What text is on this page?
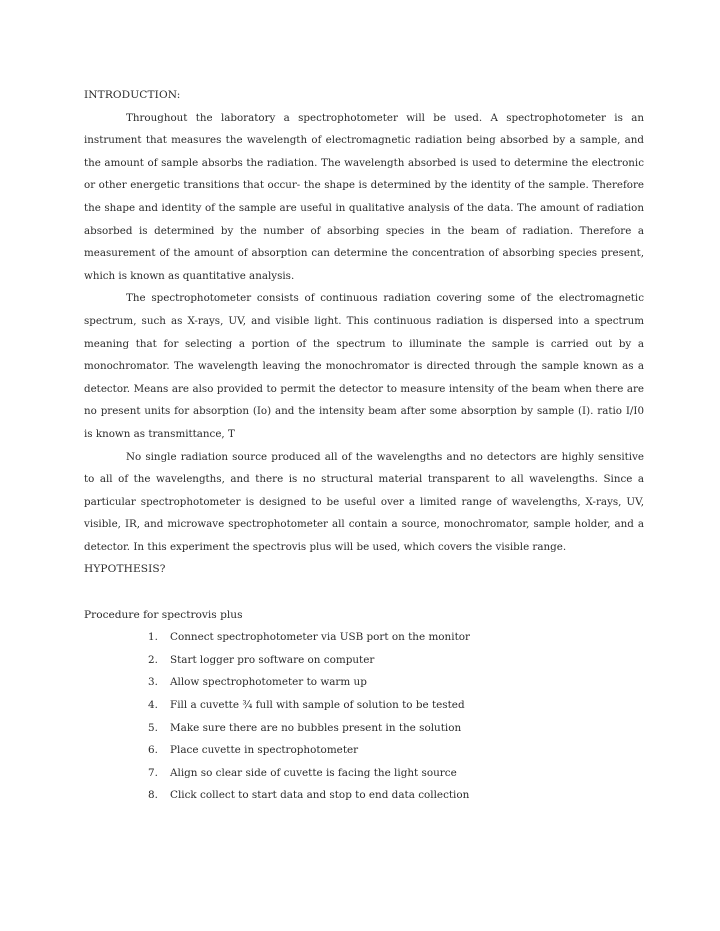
INTRODUCTION:

Throughout the laboratory a spectrophotometer will be used. A spectrophotometer is an instrument that measures the wavelength of electromagnetic radiation being absorbed by a sample, and the amount of sample absorbs the radiation. The wavelength absorbed is used to determine the electronic or other energetic transitions that occur- the shape is determined by the identity of the sample. Therefore the shape and identity of the sample are useful in qualitative analysis of the data. The amount of radiation absorbed is determined by the number of absorbing species in the beam of radiation. Therefore a measurement of the amount of absorption can determine the concentration of absorbing species present, which is known as quantitative analysis.

The spectrophotometer consists of continuous radiation covering some of the electromagnetic spectrum, such as X-rays, UV, and visible light. This continuous radiation is dispersed into a spectrum meaning that for selecting a portion of the spectrum to illuminate the sample is carried out by a monochromator. The wavelength leaving the monochromator is directed through the sample known as a detector. Means are also provided to permit the detector to measure intensity of the beam when there are no present units for absorption (Io) and the intensity beam after some absorption by sample (I). ratio I/I0 is known as transmittance, T

No single radiation source produced all of the wavelengths and no detectors are highly sensitive to all of the wavelengths, and there is no structural material transparent to all wavelengths. Since a particular spectrophotometer is designed to be useful over a limited range of wavelengths, X-rays, UV, visible, IR, and microwave spectrophotometer all contain a source, monochromator, sample holder, and a detector. In this experiment the spectrovis plus will be used, which covers the visible range.

HYPOTHESIS?

Procedure for spectrovis plus

1.	Connect spectrophotometer via USB port on the monitor
2.	Start logger pro software on computer
3.	Allow spectrophotometer to warm up
4.	Fill a cuvette ¾ full with sample of solution to be tested
5.	Make sure there are no bubbles present in the solution
6.	Place cuvette in spectrophotometer
7.	Align so clear side of cuvette is facing the light source
8.	Click collect to start data and stop to end data collection
